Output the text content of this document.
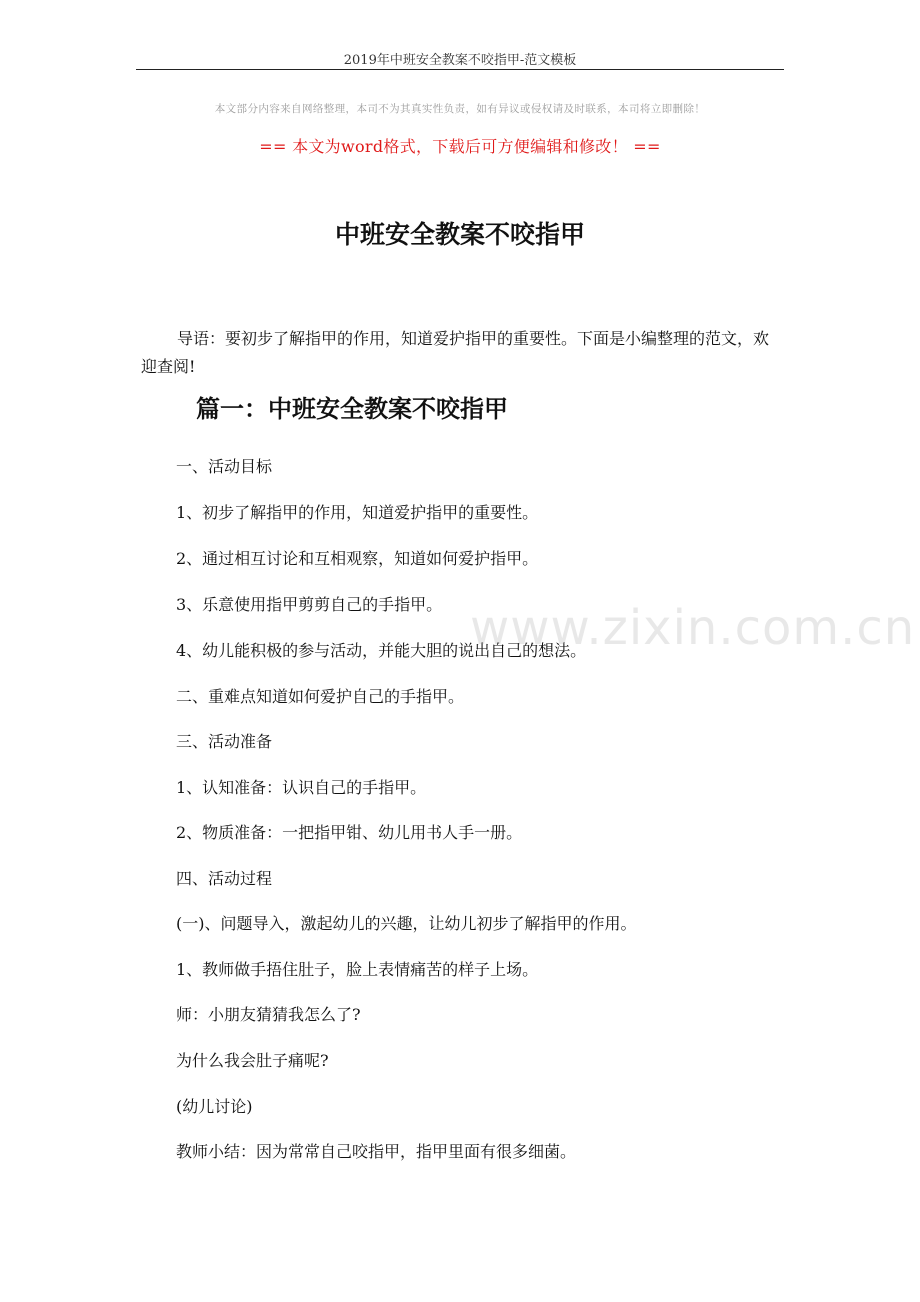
2019年中班安全教案不咬指甲-范文模板
本文部分内容来自网络整理，本司不为其真实性负责，如有异议或侵权请及时联系，本司将立即删除！
== 本文为word格式，下载后可方便编辑和修改！ ==
中班安全教案不咬指甲
导语：要初步了解指甲的作用，知道爱护指甲的重要性。下面是小编整理的范文，欢迎查阅!
篇一：中班安全教案不咬指甲
一、活动目标
1、初步了解指甲的作用，知道爱护指甲的重要性。
2、通过相互讨论和互相观察，知道如何爱护指甲。
3、乐意使用指甲剪剪自己的手指甲。
4、幼儿能积极的参与活动，并能大胆的说出自己的想法。
二、重难点知道如何爱护自己的手指甲。
三、活动准备
1、认知准备：认识自己的手指甲。
2、物质准备：一把指甲钳、幼儿用书人手一册。
四、活动过程
(一)、问题导入，激起幼儿的兴趣，让幼儿初步了解指甲的作用。
1、教师做手捂住肚子，脸上表情痛苦的样子上场。
师：小朋友猜猜我怎么了?
为什么我会肚子痛呢?
(幼儿讨论)
教师小结：因为常常自己咬指甲，指甲里面有很多细菌。
www.zixin.com.cn
